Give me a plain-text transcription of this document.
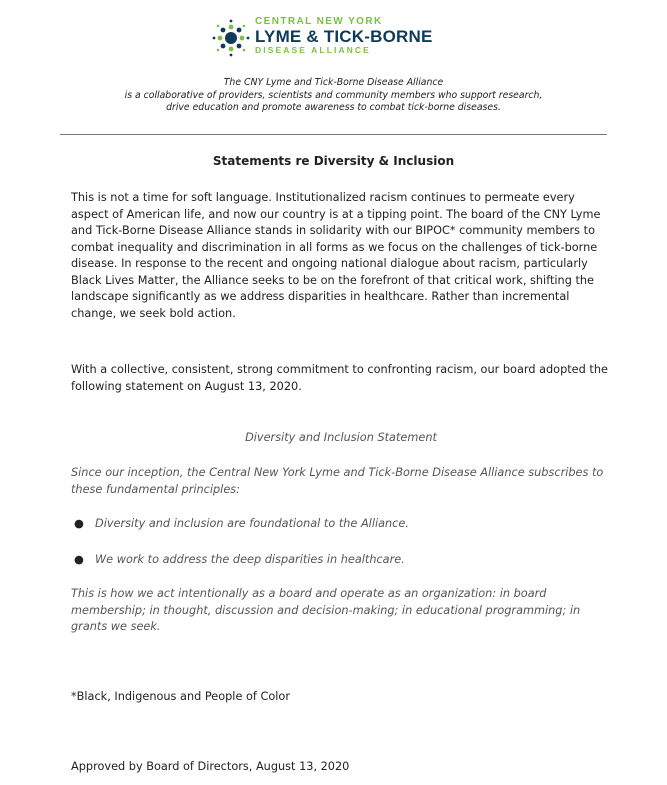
CENTRAL NEW YORK
LYME & TICK-BORNE
DISEASE ALLIANCE
The CNY Lyme and Tick-Borne Disease Alliance
is a collaborative of providers, scientists and community members who support research,
drive education and promote awareness to combat tick-borne diseases.
Statements re Diversity & Inclusion
This is not a time for soft language. Institutionalized racism continues to permeate every aspect of American life, and now our country is at a tipping point. The board of the CNY Lyme and Tick-Borne Disease Alliance stands in solidarity with our BIPOC* community members to combat inequality and discrimination in all forms as we focus on the challenges of tick-borne disease. In response to the recent and ongoing national dialogue about racism, particularly Black Lives Matter, the Alliance seeks to be on the forefront of that critical work, shifting the landscape significantly as we address disparities in healthcare. Rather than incremental change, we seek bold action.
With a collective, consistent, strong commitment to confronting racism, our board adopted the following statement on August 13, 2020.
Diversity and Inclusion Statement
Since our inception, the Central New York Lyme and Tick-Borne Disease Alliance subscribes to these fundamental principles:
● Diversity and inclusion are foundational to the Alliance.
● We work to address the deep disparities in healthcare.
This is how we act intentionally as a board and operate as an organization: in board membership; in thought, discussion and decision-making; in educational programming; in grants we seek.
*Black, Indigenous and People of Color
Approved by Board of Directors, August 13, 2020
